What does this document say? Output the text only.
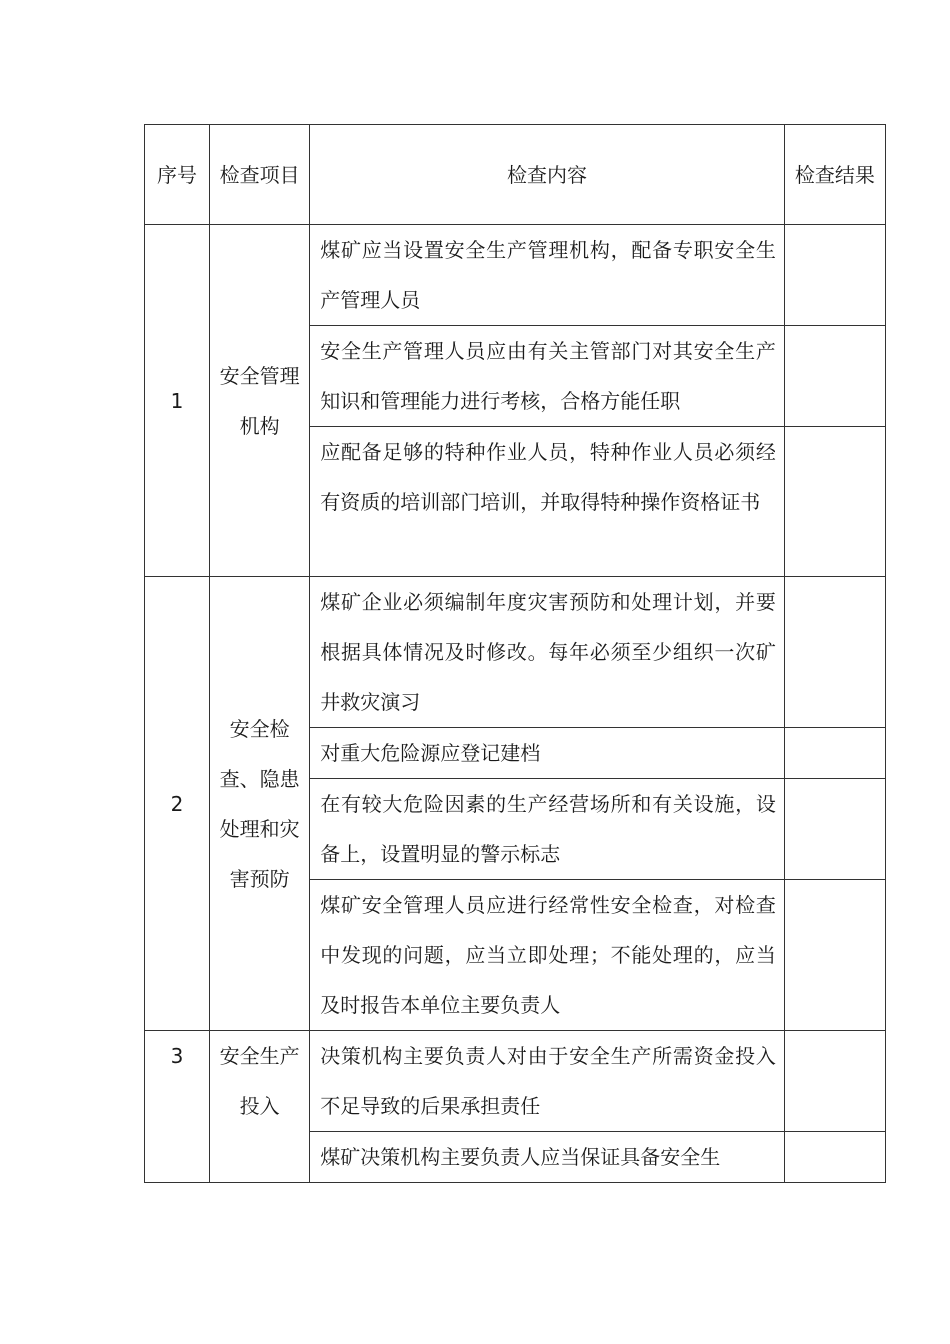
序号	检查项目	检查内容	检查结果
1	安全管理机构	煤矿应当设置安全生产管理机构，配备专职安全生产管理人员	
		安全生产管理人员应由有关主管部门对其安全生产知识和管理能力进行考核，合格方能任职	
		应配备足够的特种作业人员，特种作业人员必须经有资质的培训部门培训，并取得特种操作资格证书	
2	安全检查、隐患处理和灾害预防	煤矿企业必须编制年度灾害预防和处理计划，并要根据具体情况及时修改。每年必须至少组织一次矿井救灾演习	
		对重大危险源应登记建档	
		在有较大危险因素的生产经营场所和有关设施，设备上，设置明显的警示标志	
		煤矿安全管理人员应进行经常性安全检查，对检查中发现的问题，应当立即处理；不能处理的，应当及时报告本单位主要负责人	
3	安全生产投入	决策机构主要负责人对由于安全生产所需资金投入不足导致的后果承担责任	
		煤矿决策机构主要负责人应当保证具备安全生	
